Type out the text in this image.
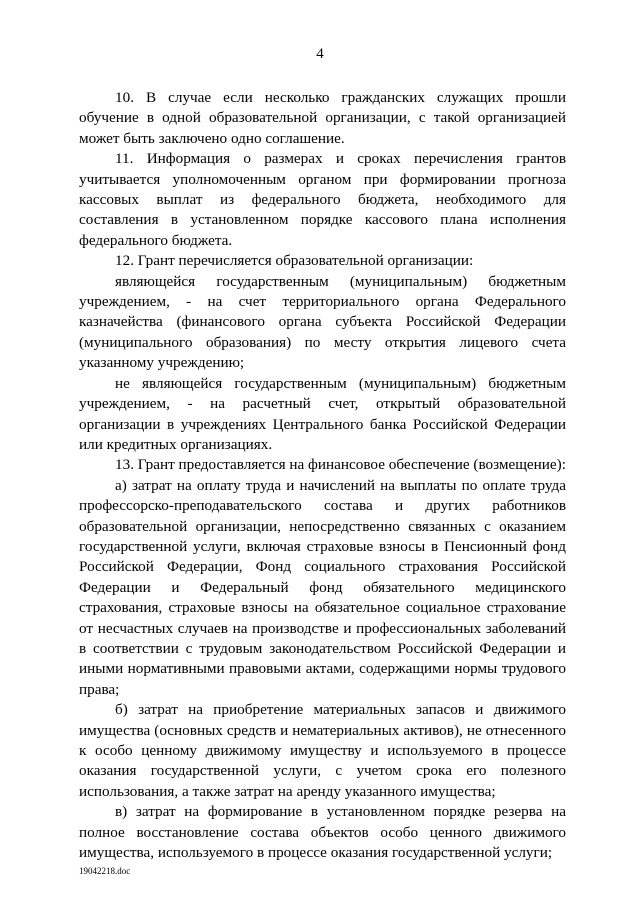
4

10. В случае если несколько гражданских служащих прошли обучение в одной образовательной организации, с такой организацией может быть заключено одно соглашение.

11. Информация о размерах и сроках перечисления грантов учитывается уполномоченным органом при формировании прогноза кассовых выплат из федерального бюджета, необходимого для составления в установленном порядке кассового плана исполнения федерального бюджета.

12. Грант перечисляется образовательной организации:

являющейся государственным (муниципальным) бюджетным учреждением, - на счет территориального органа Федерального казначейства (финансового органа субъекта Российской Федерации (муниципального образования) по месту открытия лицевого счета указанному учреждению;

не являющейся государственным (муниципальным) бюджетным учреждением, - на расчетный счет, открытый образовательной организации в учреждениях Центрального банка Российской Федерации или кредитных организациях.

13. Грант предоставляется на финансовое обеспечение (возмещение):

а) затрат на оплату труда и начислений на выплаты по оплате труда профессорско-преподавательского состава и других работников образовательной организации, непосредственно связанных с оказанием государственной услуги, включая страховые взносы в Пенсионный фонд Российской Федерации, Фонд социального страхования Российской Федерации и Федеральный фонд обязательного медицинского страхования, страховые взносы на обязательное социальное страхование от несчастных случаев на производстве и профессиональных заболеваний в соответствии с трудовым законодательством Российской Федерации и иными нормативными правовыми актами, содержащими нормы трудового права;

б) затрат на приобретение материальных запасов и движимого имущества (основных средств и нематериальных активов), не отнесенного к особо ценному движимому имуществу и используемого в процессе оказания государственной услуги, с учетом срока его полезного использования, а также затрат на аренду указанного имущества;

в) затрат на формирование в установленном порядке резерва на полное восстановление состава объектов особо ценного движимого имущества, используемого в процессе оказания государственной услуги;

19042218.doc
